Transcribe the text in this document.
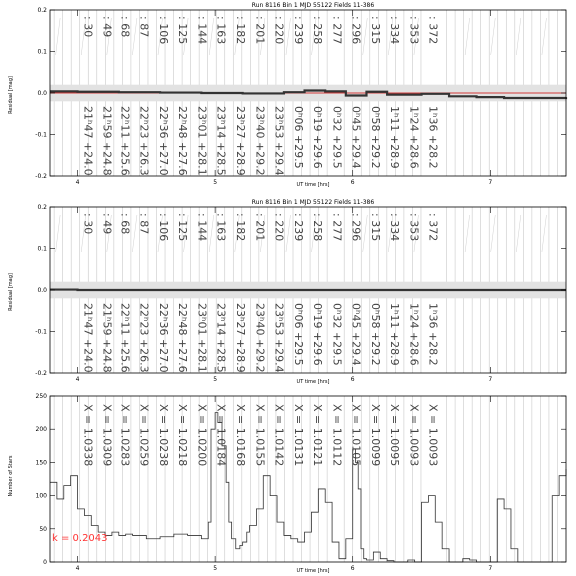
Run 8116 Bin 1 MJD 55122 Fields 11-386
Residual [mag]
UT time [hrs]
: 30 : 49 : 68 : 87 : 106 : 125 : 144 : 163 : 182 : 201 : 220 : 239 : 258 : 277 : 296 : 315 : 334 : 353 : 372
21ʰ47 +24.0 21ʰ59 +24.8 22ʰ11 +25.6 22ʰ23 +26.3 22ʰ36 +27.0 22ʰ48 +27.6 23ʰ01 +28.1 23ʰ14 +28.5 23ʰ27 +28.9 23ʰ40 +29.2 23ʰ53 +29.4 0ʰ06 +29.5 0ʰ19 +29.6 0ʰ32 +29.5 0ʰ45 +29.4 0ʰ58 +29.2 1ʰ11 +28.9 1ʰ24 +28.6 1ʰ36 +28.2
-0.2
-0.1
0.0
0.1
0.2
4	5	6	7
Run 8116 Bin 1 MJD 55122 Fields 11-386
Residual [mag]
UT time [hrs]
: 30 : 49 : 68 : 87 : 106 : 125 : 144 : 163 : 182 : 201 : 220 : 239 : 258 : 277 : 296 : 315 : 334 : 353 : 372
21ʰ47 +24.0 21ʰ59 +24.8 22ʰ11 +25.6 22ʰ23 +26.3 22ʰ36 +27.0 22ʰ48 +27.6 23ʰ01 +28.1 23ʰ14 +28.5 23ʰ27 +28.9 23ʰ40 +29.2 23ʰ53 +29.4 0ʰ06 +29.5 0ʰ19 +29.6 0ʰ32 +29.5 0ʰ45 +29.4 0ʰ58 +29.2 1ʰ11 +28.9 1ʰ24 +28.6 1ʰ36 +28.2
-0.2
-0.1
0.0
0.1
0.2
4	5	6	7
Number of Stars
UT time [hrs]
X = 1.0338 X = 1.0309 X = 1.0283 X = 1.0259 X = 1.0238 X = 1.0218 X = 1.0200 X = 1.0184 X = 1.0168 X = 1.0155 X = 1.0142 X = 1.0131 X = 1.0121 X = 1.0112 X = 1.0105 X = 1.0099 X = 1.0095 X = 1.0093 X = 1.0093
k = 0.2043
0
50
100
150
200
250
4	5	6	7
